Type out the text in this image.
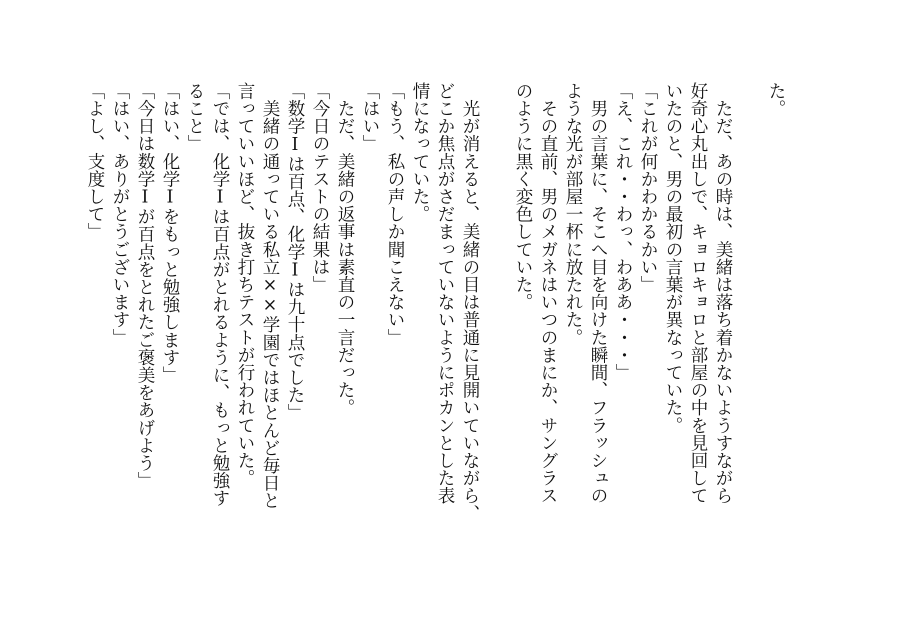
た。
　ただ、あの時は、美緒は落ち着かないようすながら
好奇心丸出しで、キョロキョロと部屋の中を見回して
いたのと、男の最初の言葉が異なっていた。
「これが何かわかるかい」
「え、これ・・わっ、わああ・・・」
　男の言葉に、そこへ目を向けた瞬間、フラッシュの
ような光が部屋一杯に放たれた。
　その直前、男のメガネはいつのまにか、サングラス
のように黒く変色していた。
　光が消えると、美緒の目は普通に見開いていながら、
どこか焦点がさだまっていないようにポカンとした表
情になっていた。
「もう、私の声しか聞こえない」
「はい」
　ただ、美緒の返事は素直の一言だった。
「今日のテストの結果は」
「数学Ⅰは百点、化学Ⅰは九十点でした」
　美緒の通っている私立××学園ではほとんど毎日と
言っていいほど、抜き打ちテストが行われていた。
「では、化学Ⅰは百点がとれるように、もっと勉強す
ること」
「はい、化学Ⅰをもっと勉強します」
「今日は数学Ⅰが百点をとれたご褒美をあげよう」
「はい、ありがとうございます」
「よし、支度して」
